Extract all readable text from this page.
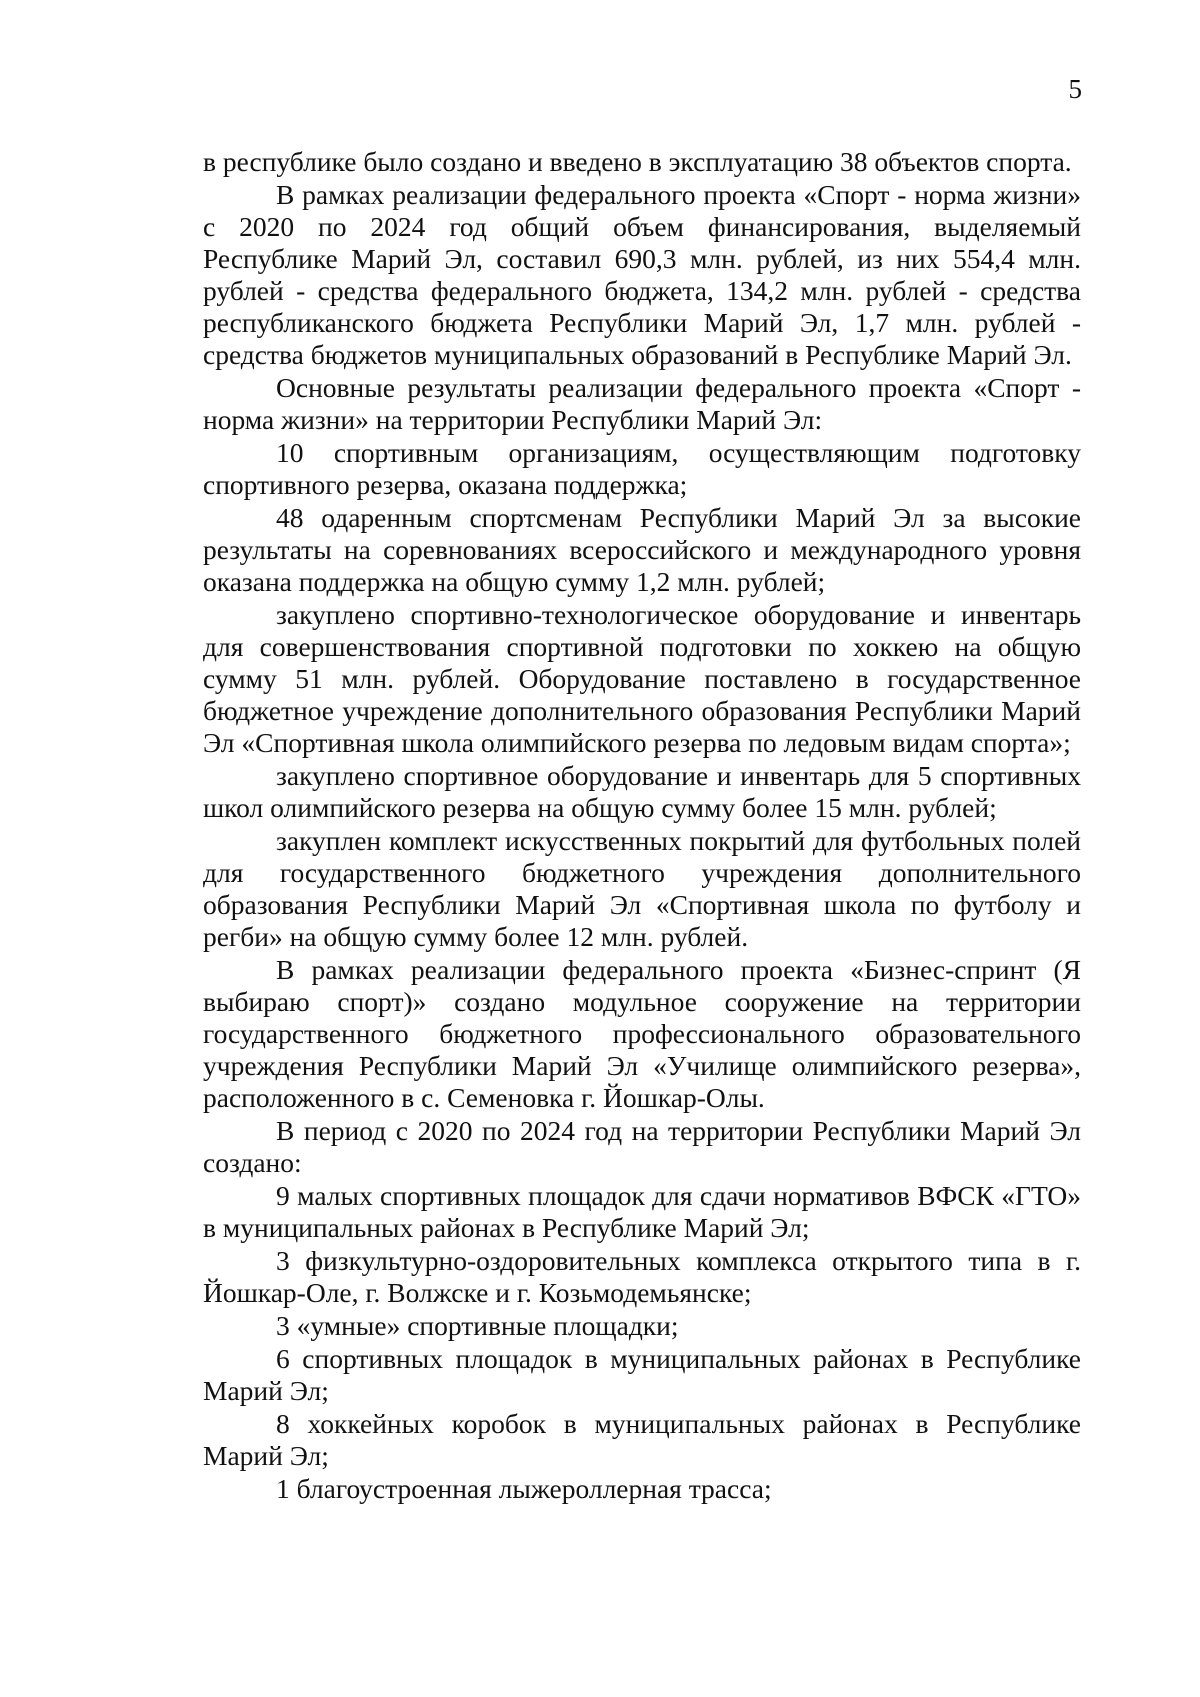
5

в республике было создано и введено в эксплуатацию 38 объектов спорта.

В рамках реализации федерального проекта «Спорт - норма жизни» с 2020 по 2024 год общий объем финансирования, выделяемый Республике Марий Эл, составил 690,3 млн. рублей, из них 554,4 млн. рублей - средства федерального бюджета, 134,2 млн. рублей - средства республиканского бюджета Республики Марий Эл, 1,7 млн. рублей - средства бюджетов муниципальных образований в Республике Марий Эл.

Основные результаты реализации федерального проекта «Спорт - норма жизни» на территории Республики Марий Эл:

10 спортивным организациям, осуществляющим подготовку спортивного резерва, оказана поддержка;

48 одаренным спортсменам Республики Марий Эл за высокие результаты на соревнованиях всероссийского и международного уровня оказана поддержка на общую сумму 1,2 млн. рублей;

закуплено спортивно-технологическое оборудование и инвентарь для совершенствования спортивной подготовки по хоккею на общую сумму 51 млн. рублей. Оборудование поставлено в государственное бюджетное учреждение дополнительного образования Республики Марий Эл «Спортивная школа олимпийского резерва по ледовым видам спорта»;

закуплено спортивное оборудование и инвентарь для 5 спортивных школ олимпийского резерва на общую сумму более 15 млн. рублей;

закуплен комплект искусственных покрытий для футбольных полей для государственного бюджетного учреждения дополнительного образования Республики Марий Эл «Спортивная школа по футболу и регби» на общую сумму более 12 млн. рублей.

В рамках реализации федерального проекта «Бизнес-спринт (Я выбираю спорт)» создано модульное сооружение на территории государственного бюджетного профессионального образовательного учреждения Республики Марий Эл «Училище олимпийского резерва», расположенного в с. Семеновка г. Йошкар-Олы.

В период с 2020 по 2024 год на территории Республики Марий Эл создано:

9 малых спортивных площадок для сдачи нормативов ВФСК «ГТО» в муниципальных районах в Республике Марий Эл;

3 физкультурно-оздоровительных комплекса открытого типа в г. Йошкар-Оле, г. Волжске и г. Козьмодемьянске;

3 «умные» спортивные площадки;

6 спортивных площадок в муниципальных районах в Республике Марий Эл;

8 хоккейных коробок в муниципальных районах в Республике Марий Эл;

1 благоустроенная лыжероллерная трасса;
